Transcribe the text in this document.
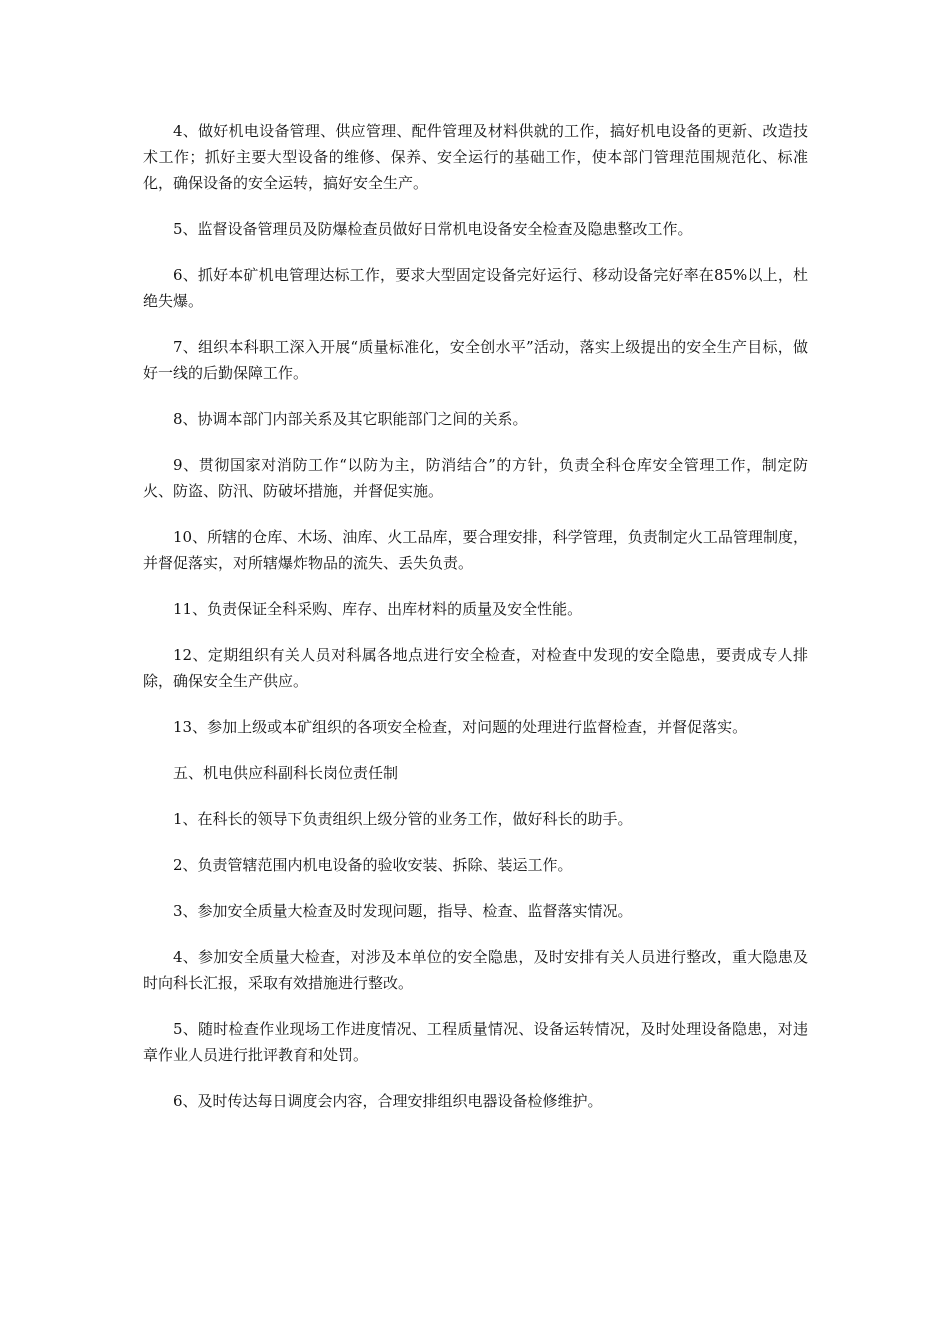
4、做好机电设备管理、供应管理、配件管理及材料供就的工作，搞好机电设备的更新、改造技术工作；抓好主要大型设备的维修、保养、安全运行的基础工作，使本部门管理范围规范化、标准化，确保设备的安全运转，搞好安全生产。

5、监督设备管理员及防爆检查员做好日常机电设备安全检查及隐患整改工作。

6、抓好本矿机电管理达标工作，要求大型固定设备完好运行、移动设备完好率在85%以上，杜绝失爆。

7、组织本科职工深入开展“质量标准化，安全创水平”活动，落实上级提出的安全生产目标，做好一线的后勤保障工作。

8、协调本部门内部关系及其它职能部门之间的关系。

9、贯彻国家对消防工作“以防为主，防消结合”的方针，负责全科仓库安全管理工作，制定防火、防盗、防汛、防破坏措施，并督促实施。

10、所辖的仓库、木场、油库、火工品库，要合理安排，科学管理，负责制定火工品管理制度，并督促落实，对所辖爆炸物品的流失、丢失负责。

11、负责保证全科采购、库存、出库材料的质量及安全性能。

12、定期组织有关人员对科属各地点进行安全检查，对检查中发现的安全隐患，要责成专人排除，确保安全生产供应。

13、参加上级或本矿组织的各项安全检查，对问题的处理进行监督检查，并督促落实。

五、机电供应科副科长岗位责任制

1、在科长的领导下负责组织上级分管的业务工作，做好科长的助手。

2、负责管辖范围内机电设备的验收安装、拆除、装运工作。

3、参加安全质量大检查及时发现问题，指导、检查、监督落实情况。

4、参加安全质量大检查，对涉及本单位的安全隐患，及时安排有关人员进行整改，重大隐患及时向科长汇报，采取有效措施进行整改。

5、随时检查作业现场工作进度情况、工程质量情况、设备运转情况，及时处理设备隐患，对违章作业人员进行批评教育和处罚。

6、及时传达每日调度会内容，合理安排组织电器设备检修维护。
